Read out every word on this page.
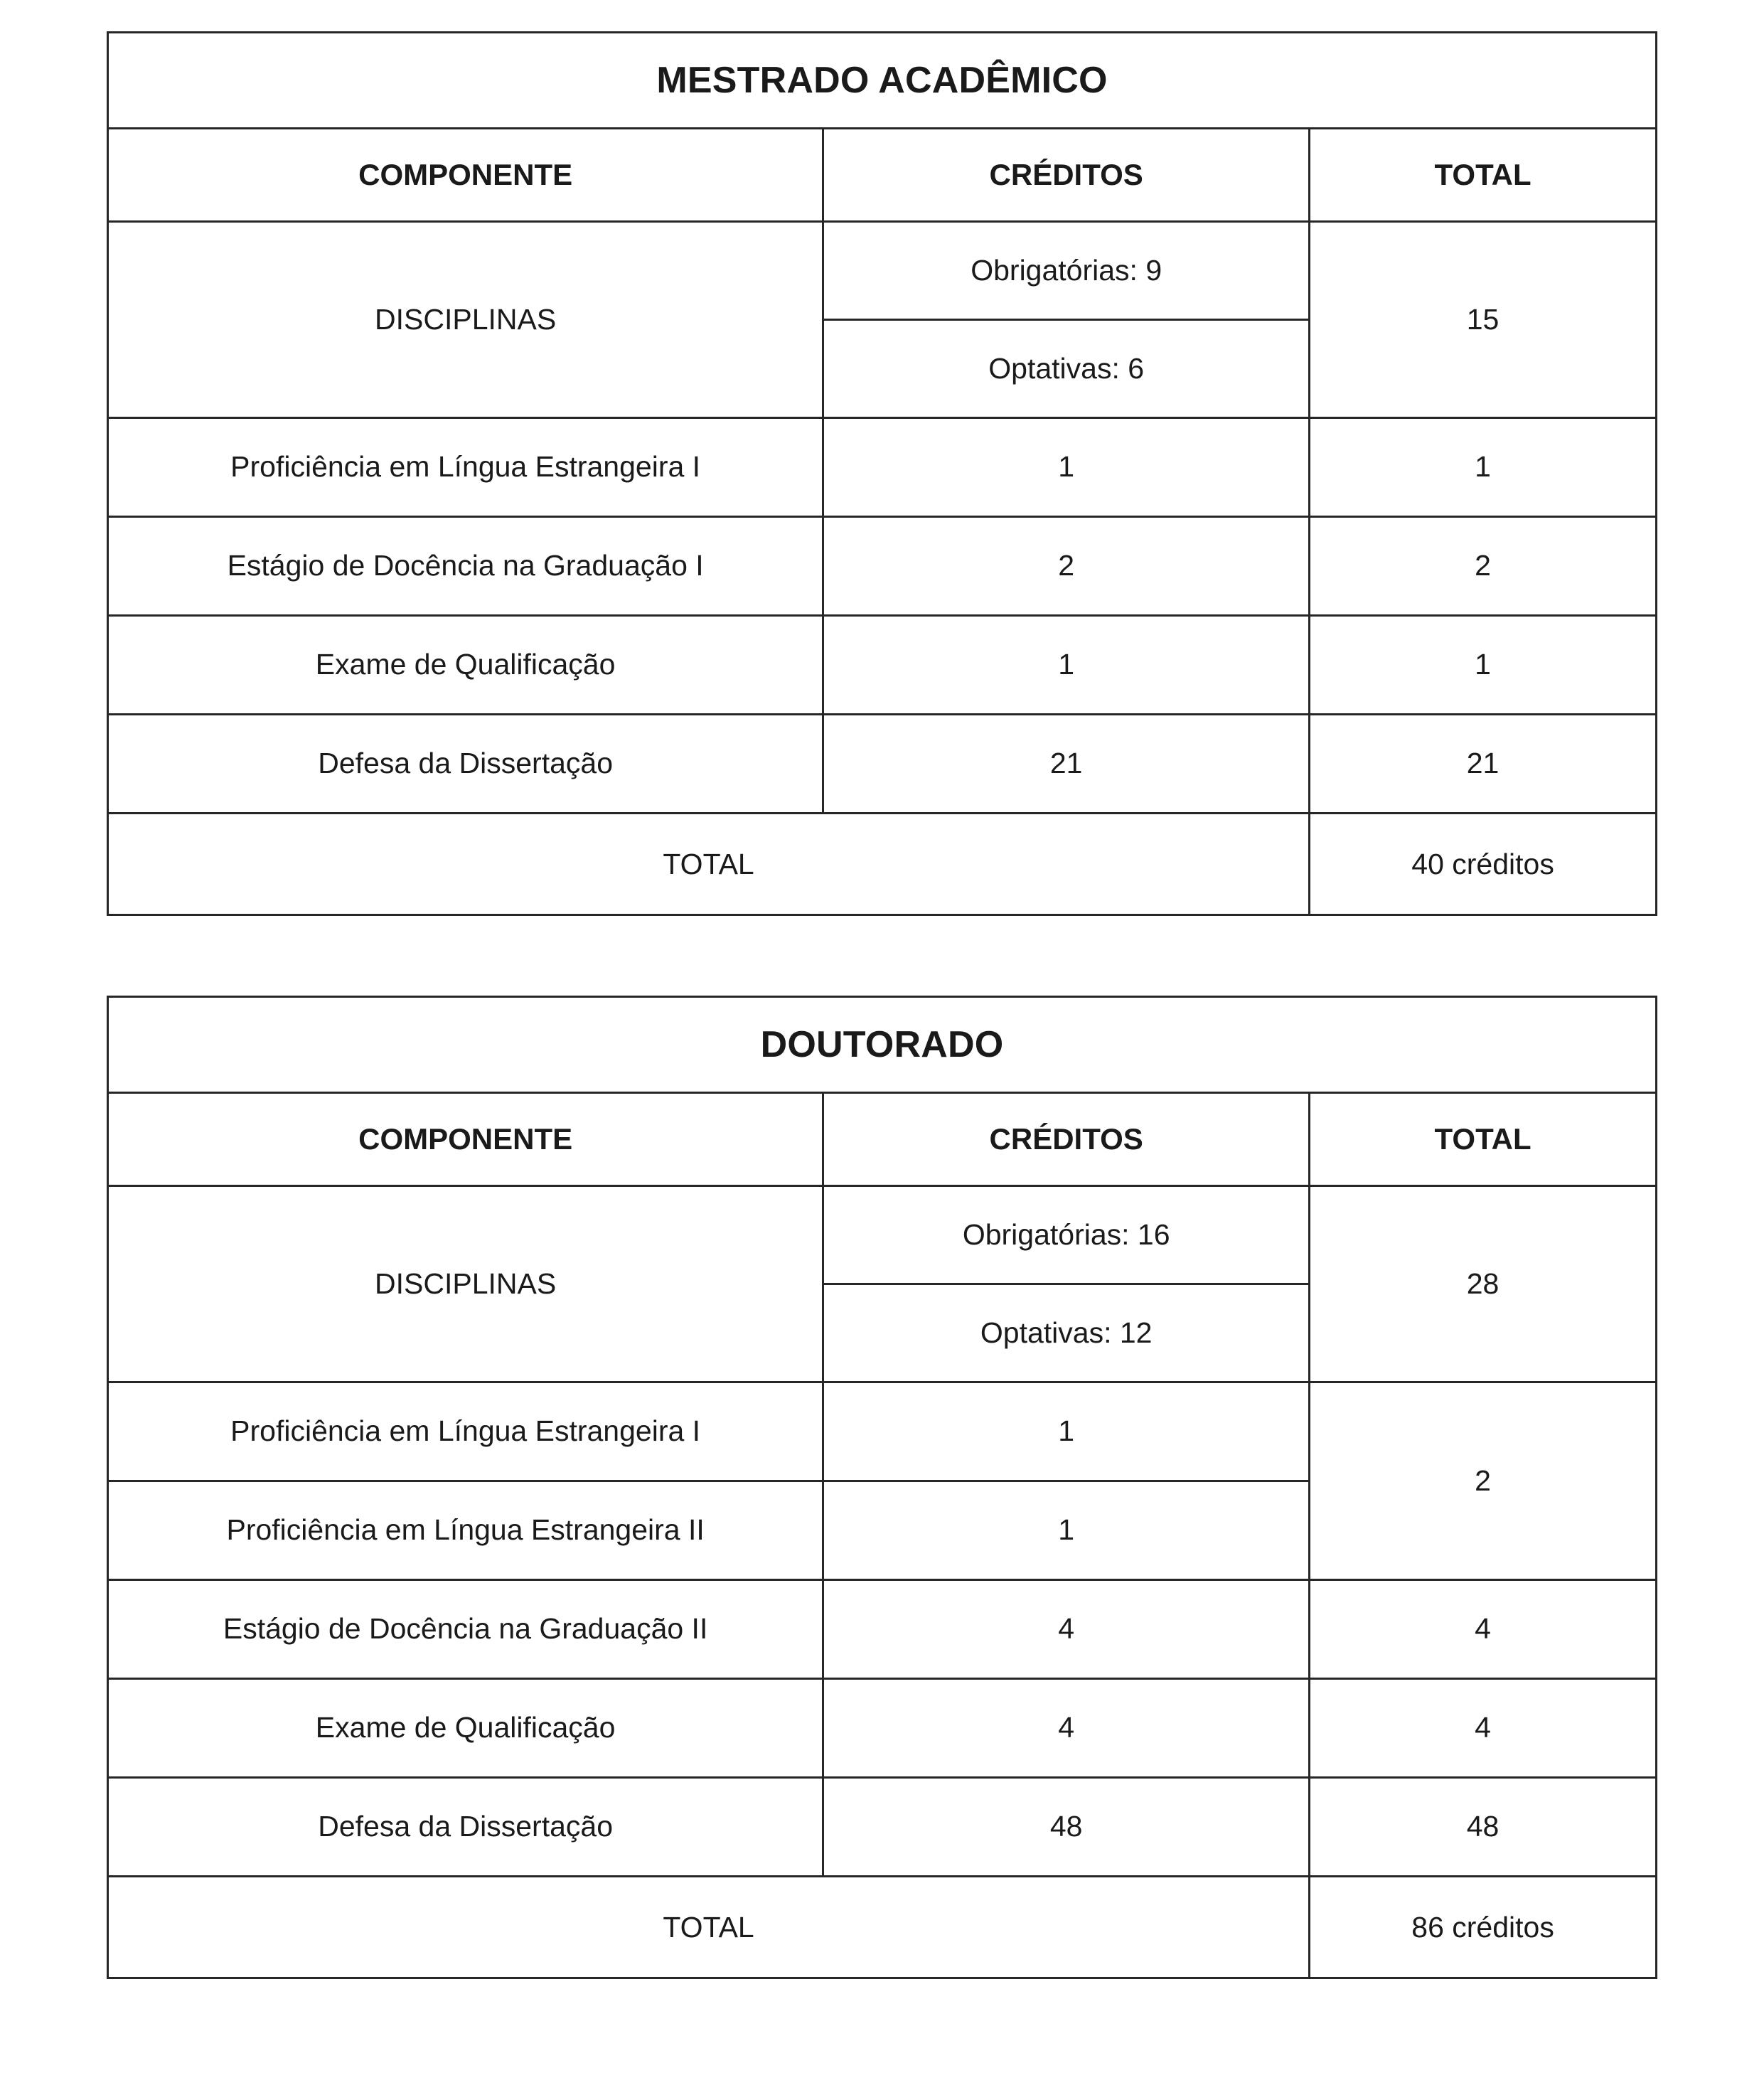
MESTRADO ACADÊMICO		
COMPONENTE	CRÉDITOS	TOTAL
DISCIPLINAS	Obrigatórias: 9	15
	Optativas: 6	
Proficiência em Língua Estrangeira I	1	1
Estágio de Docência na Graduação I	2	2
Exame de Qualificação	1	1
Defesa da Dissertação	21	21
TOTAL		40 créditos
DOUTORADO		
COMPONENTE	CRÉDITOS	TOTAL
DISCIPLINAS	Obrigatórias: 16	28
	Optativas: 12	
Proficiência em Língua Estrangeira I	1	2
Proficiência em Língua Estrangeira II	1	
Estágio de Docência na Graduação II	4	4
Exame de Qualificação	4	4
Defesa da Dissertação	48	48
TOTAL		86 créditos
